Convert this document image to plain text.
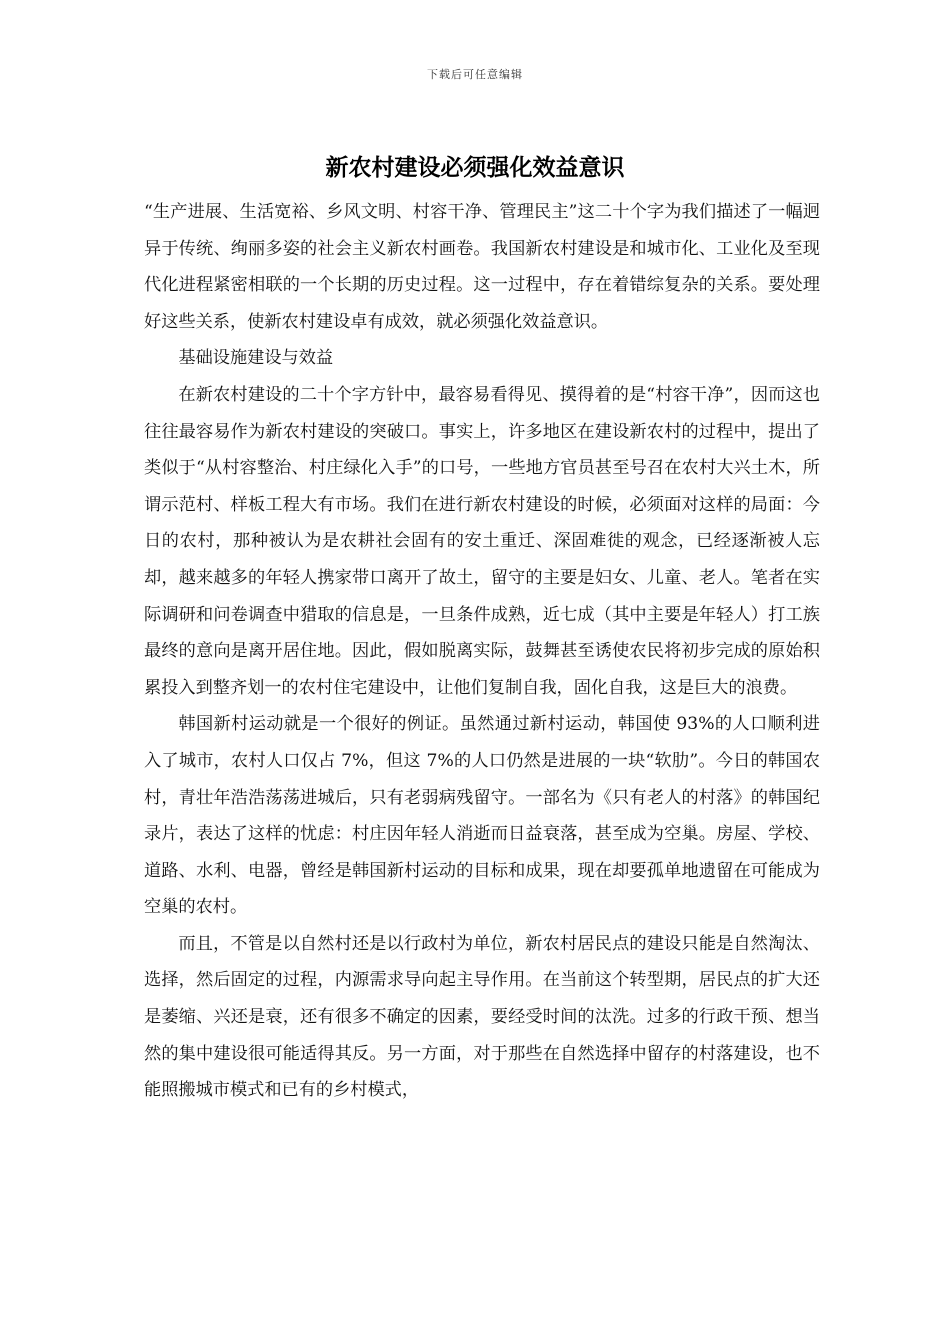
下载后可任意编辑
新农村建设必须强化效益意识

“生产进展、生活宽裕、乡风文明、村容干净、管理民主”这二十个字为我们描述了一幅迥异于传统、绚丽多姿的社会主义新农村画卷。我国新农村建设是和城市化、工业化及至现代化进程紧密相联的一个长期的历史过程。这一过程中，存在着错综复杂的关系。要处理好这些关系，使新农村建设卓有成效，就必须强化效益意识。

基础设施建设与效益

在新农村建设的二十个字方针中，最容易看得见、摸得着的是“村容干净”，因而这也往往最容易作为新农村建设的突破口。事实上，许多地区在建设新农村的过程中，提出了类似于“从村容整治、村庄绿化入手”的口号，一些地方官员甚至号召在农村大兴土木，所谓示范村、样板工程大有市场。我们在进行新农村建设的时候，必须面对这样的局面：今日的农村，那种被认为是农耕社会固有的安土重迁、深固难徙的观念，已经逐渐被人忘却，越来越多的年轻人携家带口离开了故土，留守的主要是妇女、儿童、老人。笔者在实际调研和问卷调查中猎取的信息是，一旦条件成熟，近七成（其中主要是年轻人）打工族最终的意向是离开居住地。因此，假如脱离实际，鼓舞甚至诱使农民将初步完成的原始积累投入到整齐划一的农村住宅建设中，让他们复制自我，固化自我，这是巨大的浪费。

韩国新村运动就是一个很好的例证。虽然通过新村运动，韩国使 93%的人口顺利进入了城市，农村人口仅占 7%，但这 7%的人口仍然是进展的一块“软肋”。今日的韩国农村，青壮年浩浩荡荡进城后，只有老弱病残留守。一部名为《只有老人的村落》的韩国纪录片，表达了这样的忧虑：村庄因年轻人消逝而日益衰落，甚至成为空巢。房屋、学校、道路、水利、电器，曾经是韩国新村运动的目标和成果，现在却要孤单地遗留在可能成为空巢的农村。

而且，不管是以自然村还是以行政村为单位，新农村居民点的建设只能是自然淘汰、选择，然后固定的过程，内源需求导向起主导作用。在当前这个转型期，居民点的扩大还是萎缩、兴还是衰，还有很多不确定的因素，要经受时间的汰洗。过多的行政干预、想当然的集中建设很可能适得其反。另一方面，对于那些在自然选择中留存的村落建设，也不能照搬城市模式和已有的乡村模式，
